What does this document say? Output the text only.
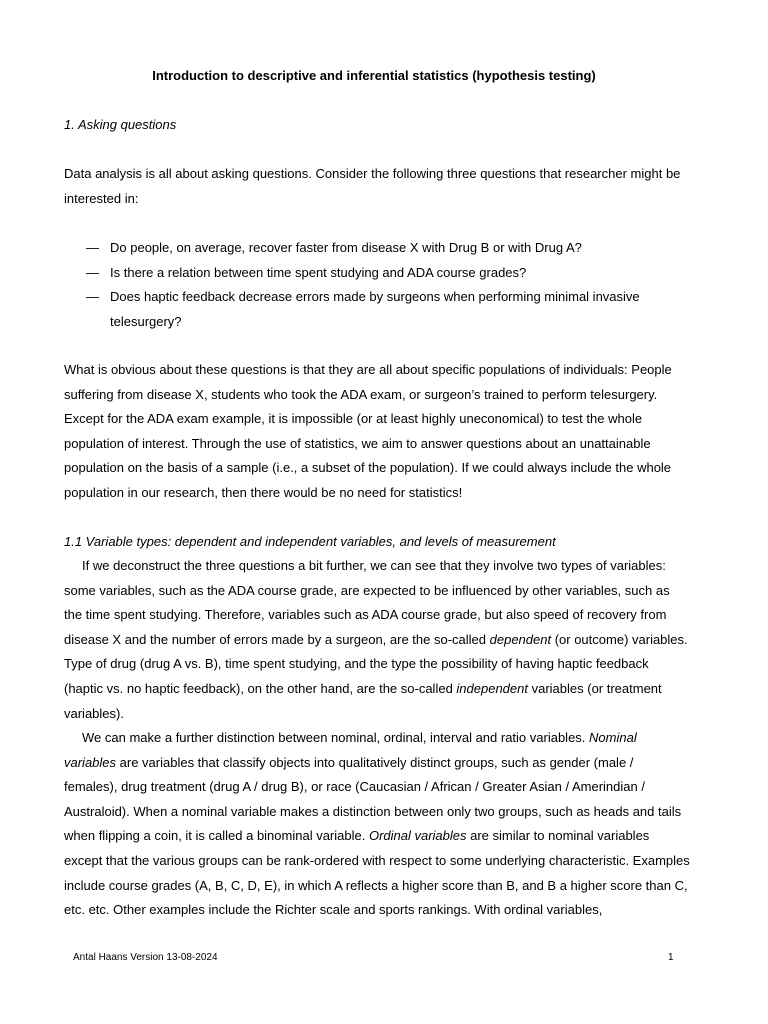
Introduction to descriptive and inferential statistics (hypothesis testing)
1. Asking questions
Data analysis is all about asking questions. Consider the following three questions that researcher might be interested in:
— Do people, on average, recover faster from disease X with Drug B or with Drug A?
— Is there a relation between time spent studying and ADA course grades?
— Does haptic feedback decrease errors made by surgeons when performing minimal invasive telesurgery?
What is obvious about these questions is that they are all about specific populations of individuals: People suffering from disease X, students who took the ADA exam, or surgeon’s trained to perform telesurgery. Except for the ADA exam example, it is impossible (or at least highly uneconomical) to test the whole population of interest. Through the use of statistics, we aim to answer questions about an unattainable population on the basis of a sample (i.e., a subset of the population). If we could always include the whole population in our research, then there would be no need for statistics!
1.1 Variable types: dependent and independent variables, and levels of measurement
If we deconstruct the three questions a bit further, we can see that they involve two types of variables: some variables, such as the ADA course grade, are expected to be influenced by other variables, such as the time spent studying. Therefore, variables such as ADA course grade, but also speed of recovery from disease X and the number of errors made by a surgeon, are the so-called dependent (or outcome) variables. Type of drug (drug A vs. B), time spent studying, and the type the possibility of having haptic feedback (haptic vs. no haptic feedback), on the other hand, are the so-called independent variables (or treatment variables).
We can make a further distinction between nominal, ordinal, interval and ratio variables. Nominal variables are variables that classify objects into qualitatively distinct groups, such as gender (male / females), drug treatment (drug A / drug B), or race (Caucasian / African / Greater Asian / Amerindian / Australoid). When a nominal variable makes a distinction between only two groups, such as heads and tails when flipping a coin, it is called a binominal variable. Ordinal variables are similar to nominal variables except that the various groups can be rank-ordered with respect to some underlying characteristic. Examples include course grades (A, B, C, D, E), in which A reflects a higher score than B, and B a higher score than C, etc. etc. Other examples include the Richter scale and sports rankings. With ordinal variables,
Antal Haans Version 13-08-2024	1
